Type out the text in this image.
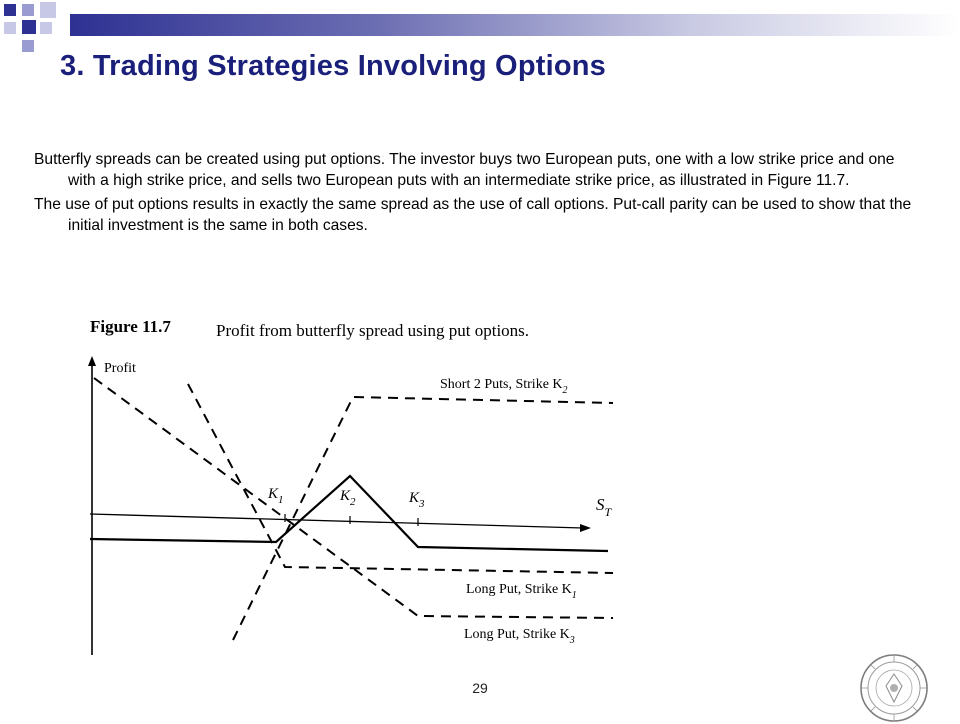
3. Trading Strategies Involving Options

Butterfly spreads can be created using put options. The investor buys two European puts, one with a low strike price and one with a high strike price, and sells two European puts with an intermediate strike price, as illustrated in Figure 11.7.

The use of put options results in exactly the same spread as the use of call options. Put-call parity can be used to show that the initial investment is the same in both cases.

Figure 11.7	Profit from butterfly spread using put options.
Profit
$S_T$
$K_1$	$K_2$	$K_3$
Short 2 Puts, Strike $K_2$
Long Put, Strike $K_1$
Long Put, Strike $K_3$
29
